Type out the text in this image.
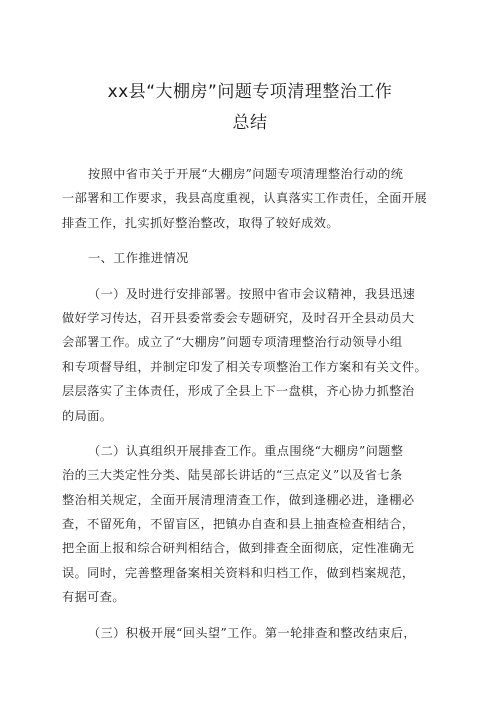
xx县“大棚房”问题专项清理整治工作
总结
按照中省市关于开展“大棚房”问题专项清理整治行动的统
一部署和工作要求，我县高度重视，认真落实工作责任，全面开展
排查工作，扎实抓好整治整改，取得了较好成效。
一、工作推进情况
（一）及时进行安排部署。按照中省市会议精神，我县迅速
做好学习传达，召开县委常委会专题研究，及时召开全县动员大
会部署工作。成立了“大棚房”问题专项清理整治行动领导小组
和专项督导组，并制定印发了相关专项整治工作方案和有关文件。
层层落实了主体责任，形成了全县上下一盘棋，齐心协力抓整治
的局面。
（二）认真组织开展排查工作。重点围绕“大棚房”问题整
治的三大类定性分类、陆昊部长讲话的“三点定义”以及省七条
整治相关规定，全面开展清理清查工作，做到逢棚必进，逢棚必
查，不留死角，不留盲区，把镇办自查和县上抽查检查相结合，
把全面上报和综合研判相结合，做到排查全面彻底，定性准确无
误。同时，完善整理备案相关资料和归档工作，做到档案规范，
有据可查。
（三）积极开展“回头望”工作。第一轮排查和整改结束后，
